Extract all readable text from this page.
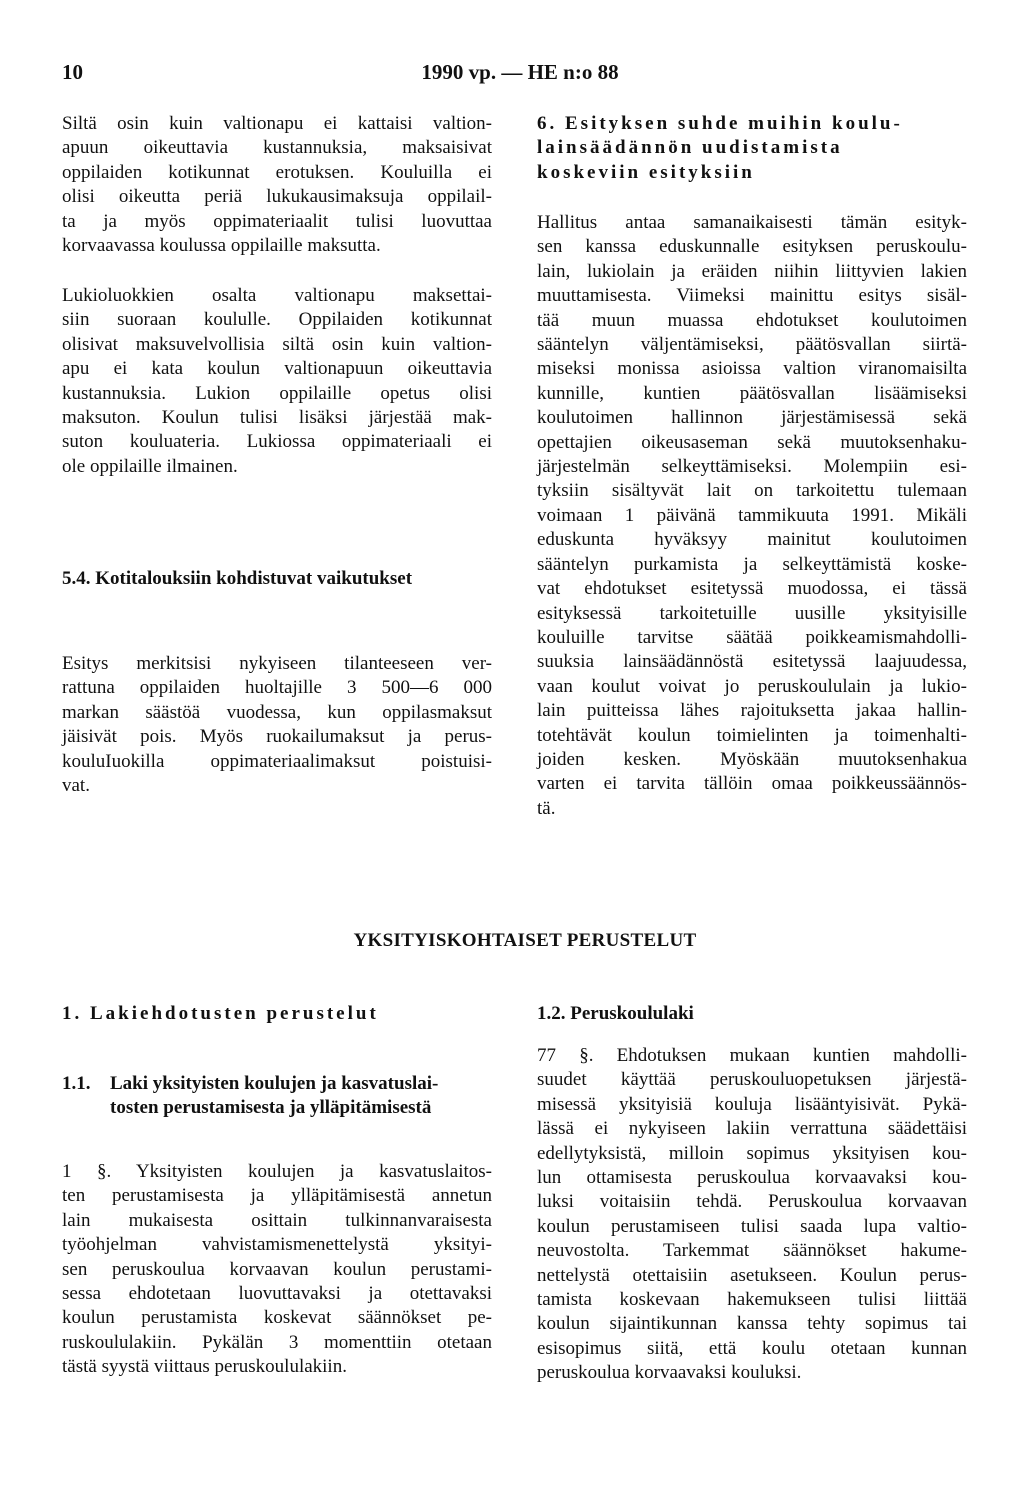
10	1990 vp. — HE n:o 88
Siltä osin kuin valtionapu ei kattaisi valtion-
apuun oikeuttavia kustannuksia, maksaisivat
oppilaiden kotikunnat erotuksen. Kouluilla ei
olisi oikeutta periä lukukausimaksuja oppilail-
ta ja myös oppimateriaalit tulisi luovuttaa
korvaavassa koulussa oppilaille maksutta.
Lukioluokkien osalta valtionapu maksettai-
siin suoraan koululle. Oppilaiden kotikunnat
olisivat maksuvelvollisia siltä osin kuin valtion-
apu ei kata koulun valtionapuun oikeuttavia
kustannuksia. Lukion oppilaille opetus olisi
maksuton. Koulun tulisi lisäksi järjestää mak-
suton kouluateria. Lukiossa oppimateriaali ei
ole oppilaille ilmainen.
5.4. Kotitalouksiin kohdistuvat vaikutukset
Esitys merkitsisi nykyiseen tilanteeseen ver-
rattuna oppilaiden huoltajille 3 500—6 000
markan säästöä vuodessa, kun oppilasmaksut
jäisivät pois. Myös ruokailumaksut ja perus-
kouluIuokilla oppimateriaalimaksut poistuisi-
vat.
6. Esityksen suhde muihin koulu-
lainsäädännön uudistamista
koskeviin esityksiin
Hallitus antaa samanaikaisesti tämän esityk-
sen kanssa eduskunnalle esityksen peruskoulu-
lain, lukiolain ja eräiden niihin liittyvien lakien
muuttamisesta. Viimeksi mainittu esitys sisäl-
tää muun muassa ehdotukset koulutoimen
sääntelyn väljentämiseksi, päätösvallan siirtä-
miseksi monissa asioissa valtion viranomaisilta
kunnille, kuntien päätösvallan lisäämiseksi
koulutoimen hallinnon järjestämisessä sekä
opettajien oikeusaseman sekä muutoksenhaku-
järjestelmän selkeyttämiseksi. Molempiin esi-
tyksiin sisältyvät lait on tarkoitettu tulemaan
voimaan 1 päivänä tammikuuta 1991. Mikäli
eduskunta hyväksyy mainitut koulutoimen
sääntelyn purkamista ja selkeyttämistä koske-
vat ehdotukset esitetyssä muodossa, ei tässä
esityksessä tarkoitetuille uusille yksityisille
kouluille tarvitse säätää poikkeamismahdolli-
suuksia lainsäädännöstä esitetyssä laajuudessa,
vaan koulut voivat jo peruskoululain ja lukio-
lain puitteissa lähes rajoituksetta jakaa hallin-
totehtävät koulun toimielinten ja toimenhalti-
joiden kesken. Myöskään muutoksenhakua
varten ei tarvita tällöin omaa poikkeussäännös-
tä.
YKSITYISKOHTAISET PERUSTELUT
1. Lakiehdotusten perustelut
1.1. Laki yksityisten koulujen ja kasvatuslai-
tosten perustamisesta ja ylläpitämisestä
1 §. Yksityisten koulujen ja kasvatuslaitos-
ten perustamisesta ja ylläpitämisestä annetun
lain mukaisesta osittain tulkinnanvaraisesta
työohjelman vahvistamismenettelystä yksityi-
sen peruskoulua korvaavan koulun perustami-
sessa ehdotetaan luovuttavaksi ja otettavaksi
koulun perustamista koskevat säännökset pe-
ruskoululakiin. Pykälän 3 momenttiin otetaan
tästä syystä viittaus peruskoululakiin.
1.2. Peruskoululaki
77 §. Ehdotuksen mukaan kuntien mahdolli-
suudet käyttää peruskouluopetuksen järjestä-
misessä yksityisiä kouluja lisääntyisivät. Pykä-
lässä ei nykyiseen lakiin verrattuna säädettäisi
edellytyksistä, milloin sopimus yksityisen kou-
lun ottamisesta peruskoulua korvaavaksi kou-
luksi voitaisiin tehdä. Peruskoulua korvaavan
koulun perustamiseen tulisi saada lupa valtio-
neuvostolta. Tarkemmat säännökset hakume-
nettelystä otettaisiin asetukseen. Koulun perus-
tamista koskevaan hakemukseen tulisi liittää
koulun sijaintikunnan kanssa tehty sopimus tai
esisopimus siitä, että koulu otetaan kunnan
peruskoulua korvaavaksi kouluksi.
